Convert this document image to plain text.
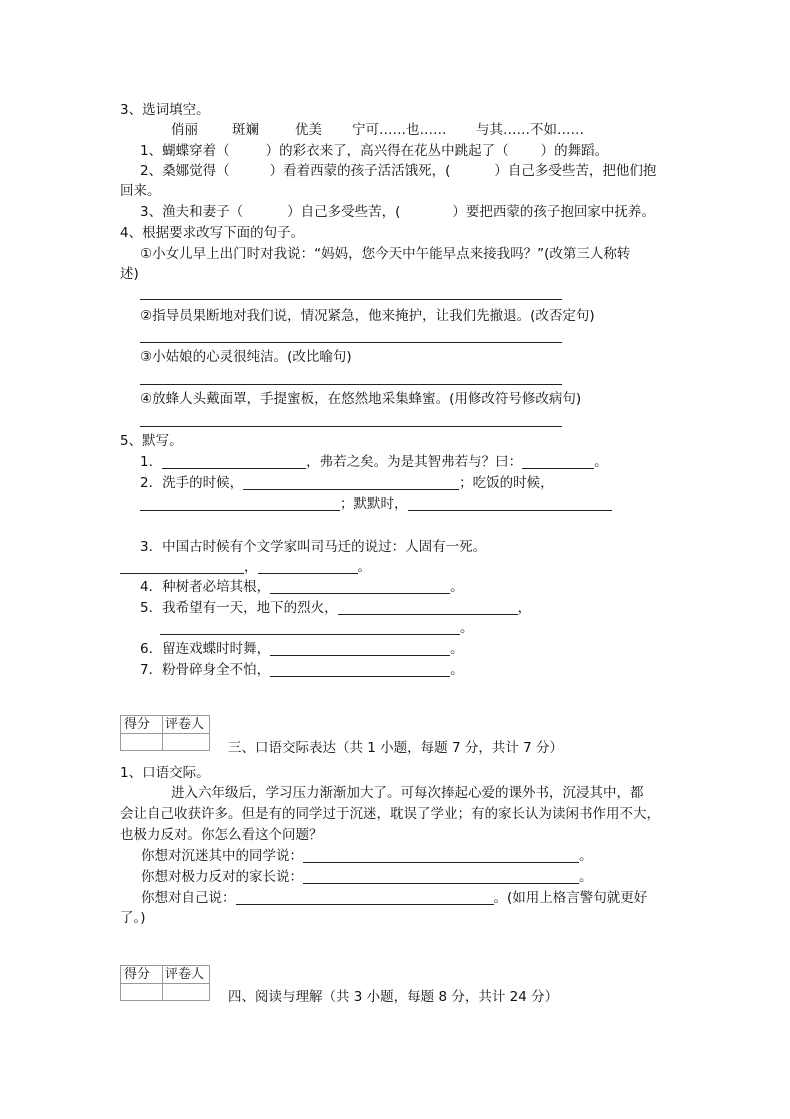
3、选词填空。
俏丽	斑斓	优美 宁可……也…… 与其……不如……
1、蝴蝶穿着（	）的彩衣来了，高兴得在花丛中跳起了（ ）的舞蹈。
2、桑娜觉得（	）看着西蒙的孩子活活饿死，(	）自己多受些苦，把他们抱
回来。
3、渔夫和妻子（	）自己多受些苦，(	）要把西蒙的孩子抱回家中抚养。
4、根据要求改写下面的句子。
①小女儿早上出门时对我说：“妈妈，您今天中午能早点来接我吗？”(改第三人称转
述)
②指导员果断地对我们说，情况紧急，他来掩护，让我们先撤退。(改否定句)
③小姑娘的心灵很纯洁。(改比喻句)
④放蜂人头戴面罩，手提蜜板，在悠然地采集蜂蜜。(用修改符号修改病句)
5、默写。
1．	，弗若之矣。为是其智弗若与？曰：	。
2．洗手的时候，	；吃饭的时候，
；默默时，
3．中国古时候有个文学家叫司马迁的说过：人固有一死。
，	。
4．种树者必培其根，	。
5．我希望有一天，地下的烈火，	，
。
6．留连戏蝶时时舞，	。
7．粉骨碎身全不怕，	。
得分	评卷人
三、口语交际表达（共 1 小题，每题 7 分，共计 7 分）
1、口语交际。
进入六年级后，学习压力渐渐加大了。可每次捧起心爱的课外书，沉浸其中，都
会让自己收获许多。但是有的同学过于沉迷，耽误了学业；有的家长认为读闲书作用不大，
也极力反对。你怎么看这个问题？
你想对沉迷其中的同学说：	。
你想对极力反对的家长说：	。
你想对自己说：	。(如用上格言警句就更好
了。)
得分	评卷人
四、阅读与理解（共 3 小题，每题 8 分，共计 24 分）
